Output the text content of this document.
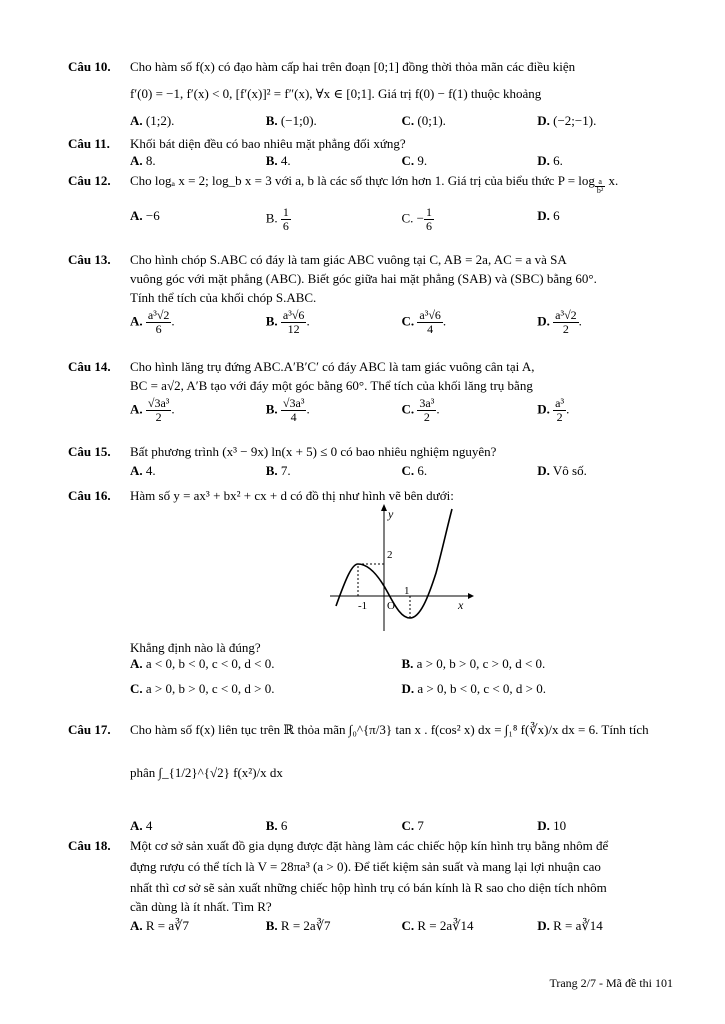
Câu 10.	Cho hàm số f(x) có đạo hàm cấp hai trên đoạn [0;1] đồng thời thỏa mãn các điều kiện
f′(0) = −1, f′(x) < 0, [f′(x)]² = f″(x), ∀x ∈ [0;1]. Giá trị f(0) − f(1) thuộc khoảng
A. (1;2).	B. (−1;0).	C. (0;1).	D. (−2;−1).
Câu 11.	Khối bát diện đều có bao nhiêu mặt phẳng đối xứng?
A. 8.	B. 4.	C. 9.	D. 6.
Câu 12.	Cho logₐ x = 2; log_b x = 3 với a, b là các số thực lớn hơn 1. Giá trị của biểu thức P = log $_{\frac{a}{\text{b²}}}$ x.
A. −6	B. $\frac{1}{6}$	C. − $\frac{1}{6}$	D. 6
Câu 13.	Cho hình chóp S.ABC có đáy là tam giác ABC vuông tại C, AB = 2a, AC = a và SA
vuông góc với mặt phẳng (ABC). Biết góc giữa hai mặt phẳng (SAB) và (SBC) bằng 60°.
Tính thể tích của khối chóp S.ABC.
A. $\frac{\text{a³√2}}{6}$ .	B. $\frac{\text{a³√6}}{12}$ .	C. $\frac{\text{a³√6}}{4}$ .	D. $\frac{\text{a³√2}}{2}$ .
Câu 14.	Cho hình lăng trụ đứng ABC.A′B′C′ có đáy ABC là tam giác vuông cân tại A,
BC = a√2, A′B tạo với đáy một góc bằng 60°. Thể tích của khối lăng trụ bằng
A. $\frac{\text{√3a³}}{2}$ .	B. $\frac{\text{√3a³}}{4}$ .	C. $\frac{\text{3a³}}{2}$ .	D. $\frac{\text{a³}}{2}$ .
Câu 15.	Bất phương trình (x³ − 9x) ln(x + 5) ≤ 0 có bao nhiêu nghiệm nguyên?
A. 4.	B. 7.	C. 6.	D. Vô số.
Câu 16.	Hàm số y = ax³ + bx² + cx + d có đồ thị như hình vẽ bên dưới:
y
x
O
2
-1
1
Khẳng định nào là đúng?
A. a < 0, b < 0, c < 0, d < 0.	B. a > 0, b > 0, c > 0, d < 0.
C. a > 0, b > 0, c < 0, d > 0.	D. a > 0, b < 0, c < 0, d > 0.
Câu 17.	Cho hàm số f(x) liên tục trên ℝ thỏa mãn ∫₀^{π/3} tan x . f(cos² x) dx = ∫₁⁸ f(∛x)/x dx = 6. Tính tích
phân ∫_{1/2}^{√2} f(x²)/x dx
A. 4	B. 6	C. 7	D. 10
Câu 18.	Một cơ sở sản xuất đồ gia dụng được đặt hàng làm các chiếc hộp kín hình trụ bằng nhôm để
đựng rượu có thể tích là V = 28πa³ (a > 0). Để tiết kiệm sản suất và mang lại lợi nhuận cao
nhất thì cơ sở sẽ sản xuất những chiếc hộp hình trụ có bán kính là R sao cho diện tích nhôm
cần dùng là ít nhất. Tìm R?
A. R = a∛7	B. R = 2a∛7	C. R = 2a∛14	D. R = a∛14
Trang 2/7 - Mã đề thi 101
